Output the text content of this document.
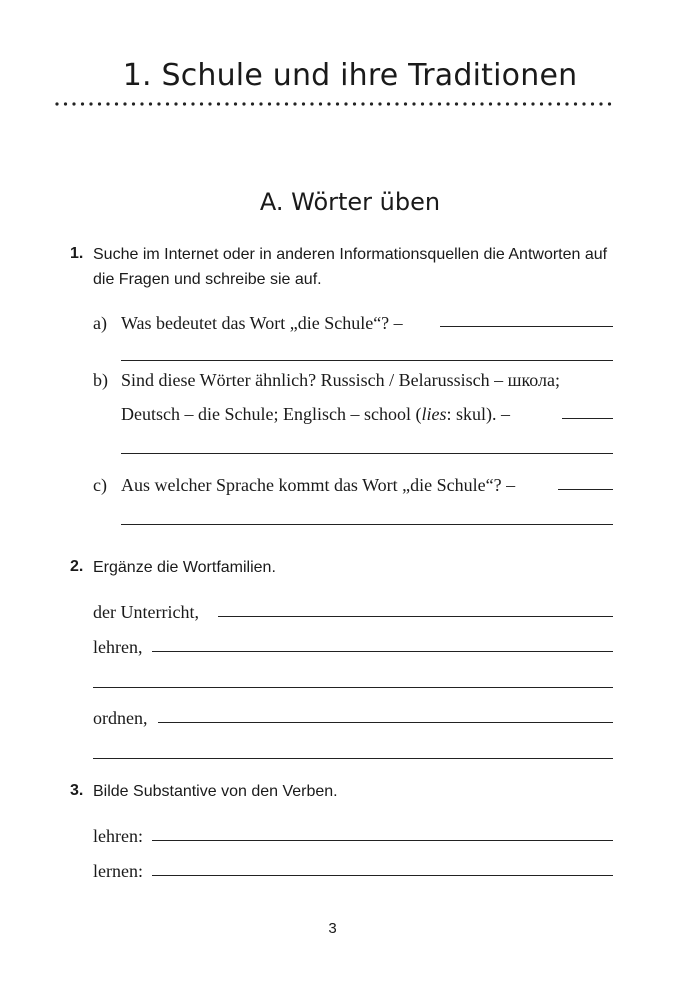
1. Schule und ihre Traditionen
A. Wörter üben
1. Suche im Internet oder in anderen Informationsquellen die Antworten auf die Fragen und schreibe sie auf.
a) Was bedeutet das Wort „die Schule“? –
b) Sind diese Wörter ähnlich? Russisch / Belarussisch – школа;
Deutsch – die Schule; Englisch – school (lies: skul). –
c) Aus welcher Sprache kommt das Wort „die Schule“? –
2. Ergänze die Wortfamilien.
der Unterricht,
lehren,
ordnen,
3. Bilde Substantive von den Verben.
lehren:
lernen:
3
